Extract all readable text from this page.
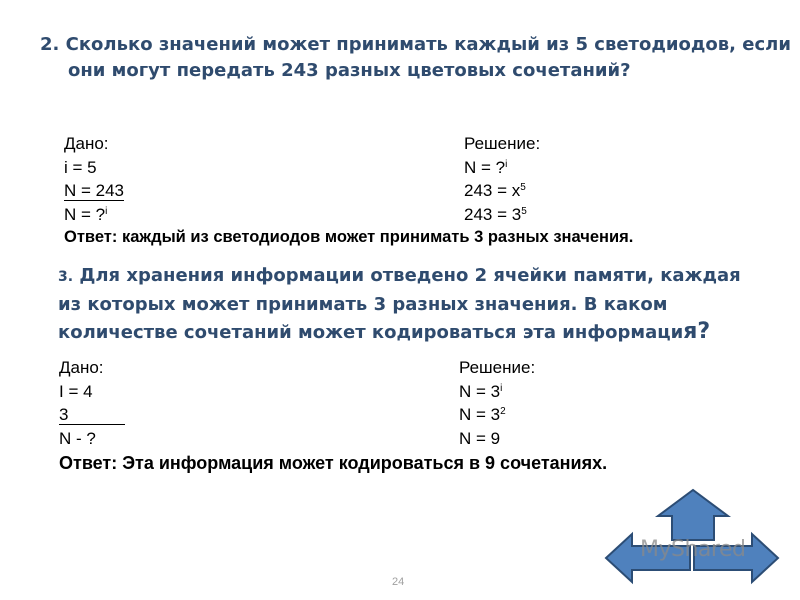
2. Сколько значений может принимать каждый из 5 светодиодов, если

они могут передать 243 разных цветовых сочетаний?

Дано:
i = 5
N = 243
N = ?$^i$
Решение:
N = ?$^i$
$243 = x^5$
$243 = 3^5$
Ответ: каждый из светодиодов может принимать 3 разных значения.

3. Для хранения информации отведено 2 ячейки памяти, каждая из которых может принимать 3 разных значения. В каком количестве сочетаний может кодироваться эта информация?

Дано:
I = 4
3
N - ?
Решение:
$N = 3^i$
$N = 3^2$
N = 9
Ответ: Эта информация может кодироваться в 9 сочетаниях.
24
MyShared
